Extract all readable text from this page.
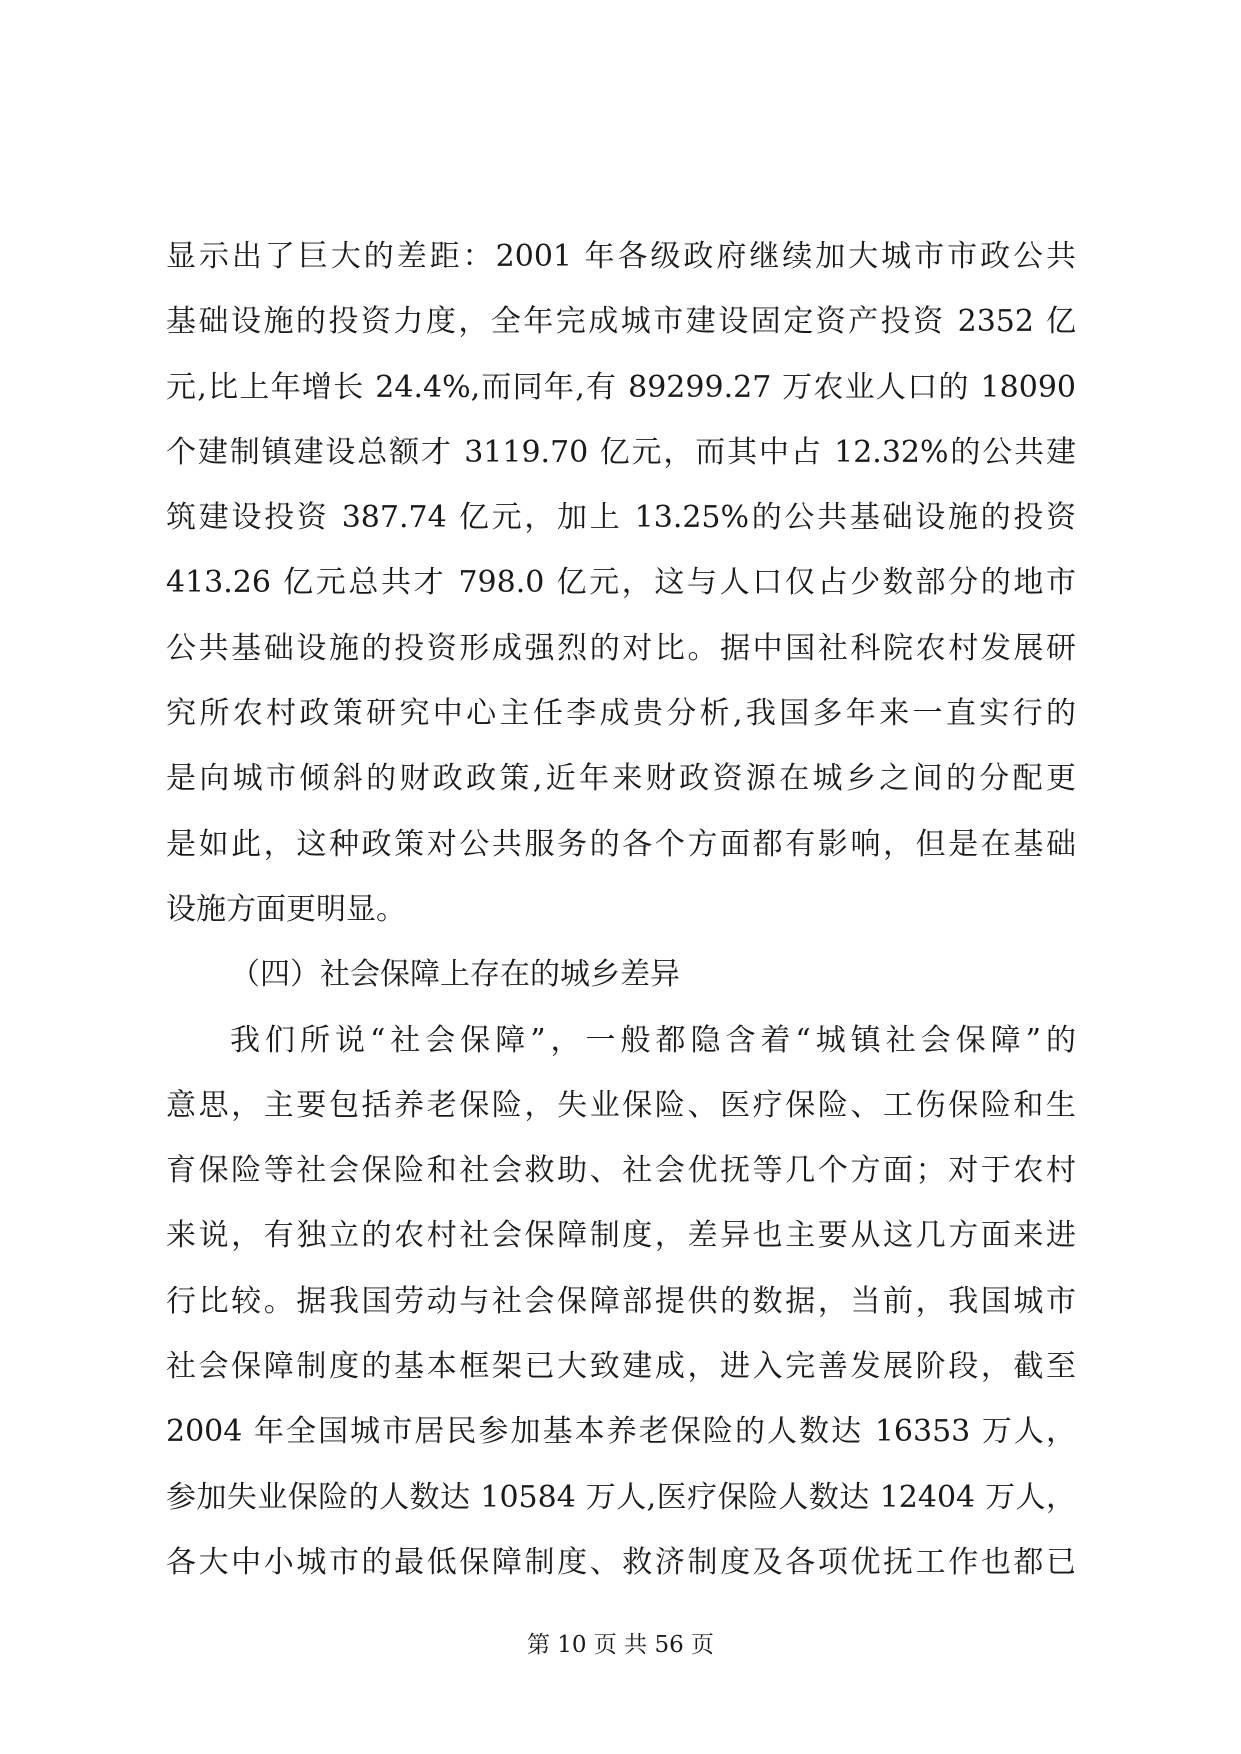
显示出了巨大的差距：2001 年各级政府继续加大城市市政公共
基础设施的投资力度，全年完成城市建设固定资产投资 2352 亿
元,比上年增长 24.4%,而同年,有 89299.27 万农业人口的 18090
个建制镇建设总额才 3119.70 亿元，而其中占 12.32%的公共建
筑建设投资 387.74 亿元，加上 13.25%的公共基础设施的投资
413.26 亿元总共才 798.0 亿元，这与人口仅占少数部分的地市
公共基础设施的投资形成强烈的对比。据中国社科院农村发展研
究所农村政策研究中心主任李成贵分析,我国多年来一直实行的
是向城市倾斜的财政政策,近年来财政资源在城乡之间的分配更
是如此，这种政策对公共服务的各个方面都有影响，但是在基础
设施方面更明显。
（四）社会保障上存在的城乡差异
我们所说“社会保障”，一般都隐含着“城镇社会保障”的
意思，主要包括养老保险，失业保险、医疗保险、工伤保险和生
育保险等社会保险和社会救助、社会优抚等几个方面；对于农村
来说，有独立的农村社会保障制度，差异也主要从这几方面来进
行比较。据我国劳动与社会保障部提供的数据，当前，我国城市
社会保障制度的基本框架已大致建成，进入完善发展阶段，截至
2004 年全国城市居民参加基本养老保险的人数达 16353 万人，
参加失业保险的人数达 10584 万人,医疗保险人数达 12404 万人，
各大中小城市的最低保障制度、救济制度及各项优抚工作也都已
第 10 页 共 56 页
